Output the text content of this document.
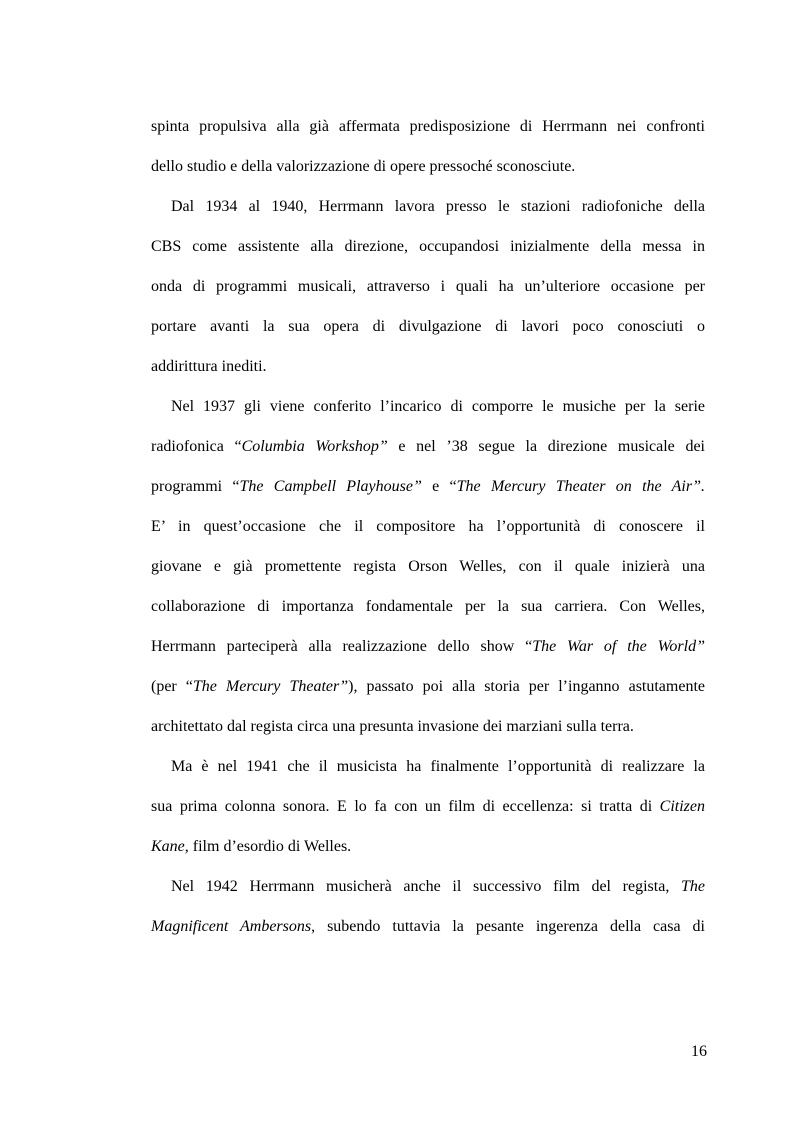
spinta propulsiva alla già affermata predisposizione di Herrmann nei confronti
dello studio e della valorizzazione di opere pressoché sconosciute.
Dal 1934 al 1940, Herrmann lavora presso le stazioni radiofoniche della
CBS come assistente alla direzione, occupandosi inizialmente della messa in
onda di programmi musicali, attraverso i quali ha un’ulteriore occasione per
portare avanti la sua opera di divulgazione di lavori poco conosciuti o
addirittura inediti.
Nel 1937 gli viene conferito l’incarico di comporre le musiche per la serie
radiofonica “Columbia Workshop” e nel ’38 segue la direzione musicale dei
programmi “The Campbell Playhouse” e “The Mercury Theater on the Air”.
E’ in quest’occasione che il compositore ha l’opportunità di conoscere il
giovane e già promettente regista Orson Welles, con il quale inizierà una
collaborazione di importanza fondamentale per la sua carriera. Con Welles,
Herrmann parteciperà alla realizzazione dello show “The War of the World”
(per “The Mercury Theater”), passato poi alla storia per l’inganno astutamente
architettato dal regista circa una presunta invasione dei marziani sulla terra.
Ma è nel 1941 che il musicista ha finalmente l’opportunità di realizzare la
sua prima colonna sonora. E lo fa con un film di eccellenza: si tratta di Citizen
Kane, film d’esordio di Welles.
Nel 1942 Herrmann musicherà anche il successivo film del regista, The
Magnificent Ambersons, subendo tuttavia la pesante ingerenza della casa di
16
